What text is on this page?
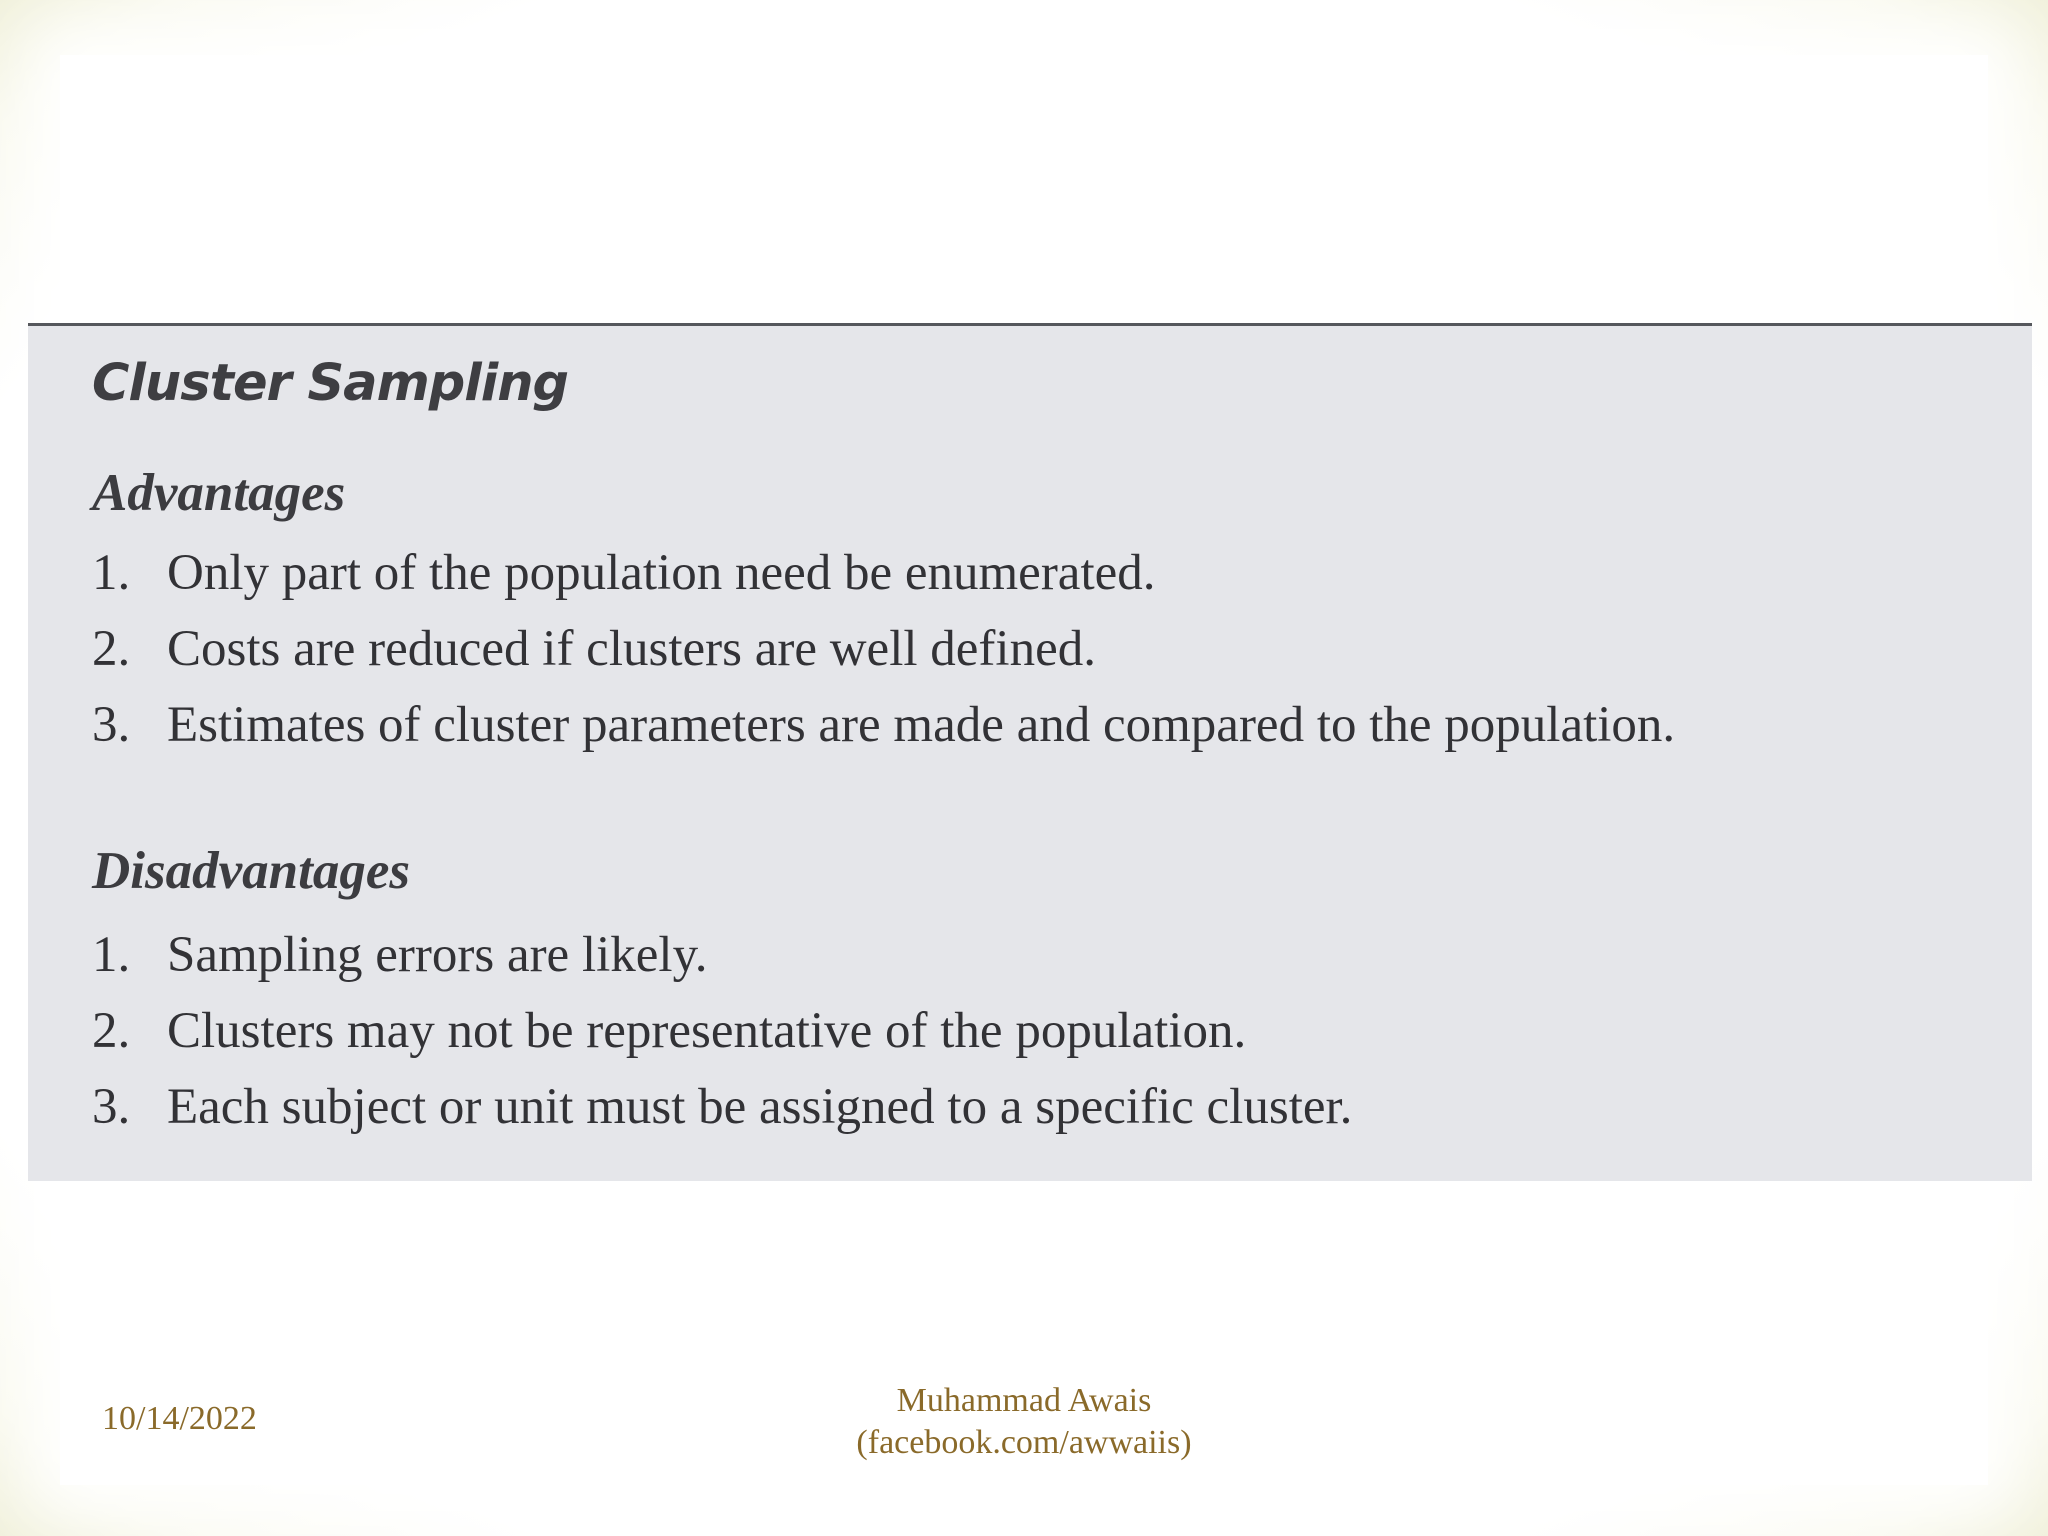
Cluster Sampling
Advantages
1. Only part of the population need be enumerated.
2. Costs are reduced if clusters are well defined.
3. Estimates of cluster parameters are made and compared to the population.
Disadvantages
1. Sampling errors are likely.
2. Clusters may not be representative of the population.
3. Each subject or unit must be assigned to a specific cluster.
10/14/2022	Muhammad Awais
(facebook.com/awwaiis)
